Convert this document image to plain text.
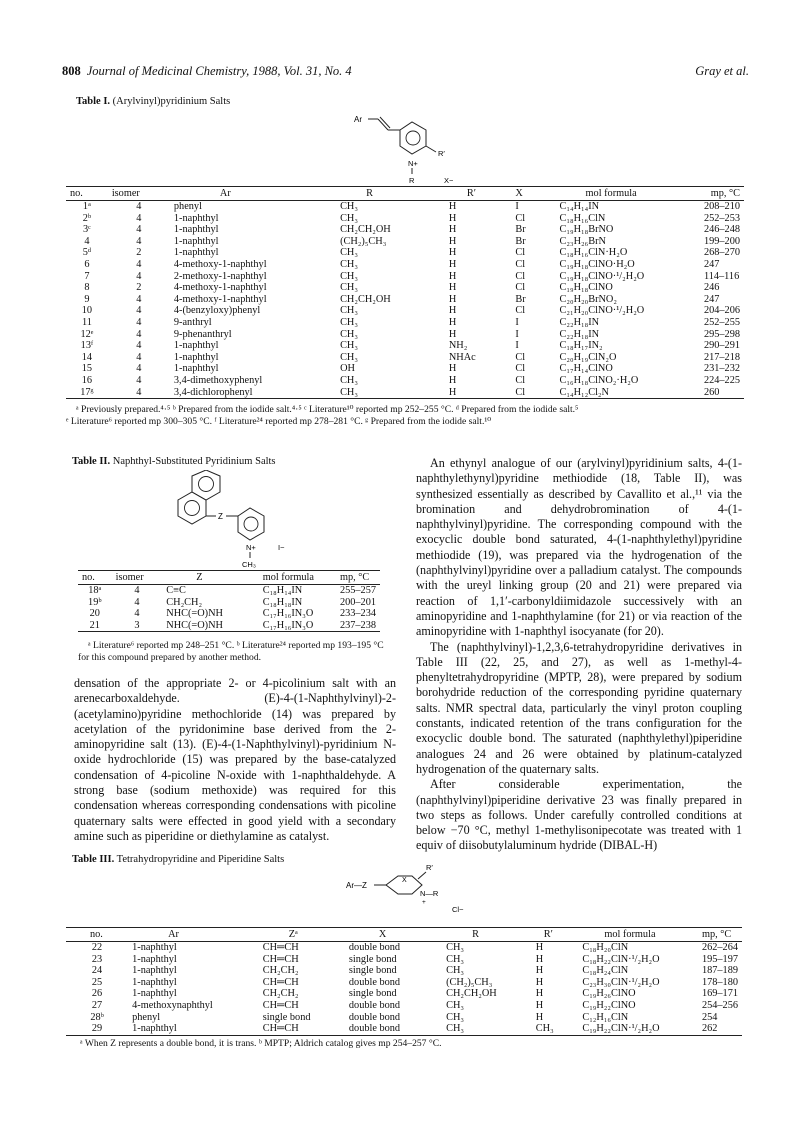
808 Journal of Medicinal Chemistry, 1988, Vol. 31, No. 4	Gray et al.
Table I. (Arylvinyl)pyridinium Salts
Ar
N+
R′
R	X−
no.	isomer	Ar	R	R′	X	mol formula	mp, °C
1ᵃ	4	phenyl	CH₃	H	I	C₁₄H₁₄IN	208–210
2ᵇ	4	1-naphthyl	CH₃	H	Cl	C₁₈H₁₆ClN	252–253
3ᶜ	4	1-naphthyl	CH₂CH₂OH	H	Br	C₁₉H₁₈BrNO	246–248
4	4	1-naphthyl	(CH₂)₅CH₃	H	Br	C₂₃H₂₆BrN	199–200
5ᵈ	2	1-naphthyl	CH₃	H	Cl	C₁₈H₁₆ClN·H₂O	268–270
6	4	4-methoxy-1-naphthyl	CH₃	H	Cl	C₁₉H₁₈ClNO·H₂O	247
7	4	2-methoxy-1-naphthyl	CH₃	H	Cl	C₁₉H₁₈ClNO·¹/₂H₂O	114–116
8	2	4-methoxy-1-naphthyl	CH₃	H	Cl	C₁₉H₁₈ClNO	246
9	4	4-methoxy-1-naphthyl	CH₂CH₂OH	H	Br	C₂₀H₂₀BrNO₂	247
10	4	4-(benzyloxy)phenyl	CH₃	H	Cl	C₂₁H₂₀ClNO·¹/₂H₂O	204–206
11	4	9-anthryl	CH₃	H	I	C₂₂H₁₈IN	252–255
12ᵉ	4	9-phenanthryl	CH₃	H	I	C₂₂H₁₈IN	295–298
13ᶠ	4	1-naphthyl	CH₃	NH₂	I	C₁₈H₁₇IN₂	290–291
14	4	1-naphthyl	CH₃	NHAc	Cl	C₂₀H₁₉ClN₂O	217–218
15	4	1-naphthyl	OH	H	Cl	C₁₇H₁₄ClNO	231–232
16	4	3,4-dimethoxyphenyl	CH₃	H	Cl	C₁₆H₁₈ClNO₂·H₂O	224–225
17ᵍ	4	3,4-dichlorophenyl	CH₃	H	Cl	C₁₄H₁₂Cl₂N	260
ᵃ Previously prepared.⁴·⁵ ᵇ Prepared from the iodide salt.⁴·⁵ ᶜ Literature¹⁰ reported mp 252–255 °C. ᵈ Prepared from the iodide salt.⁵
ᵉ Literature⁶ reported mp 300–305 °C. ᶠ Literature²⁴ reported mp 278–281 °C. ᵍ Prepared from the iodide salt.¹⁰
Table II. Naphthyl-Substituted Pyridinium Salts
Z
N+	I−
CH₃
no.	isomer	Z	mol formula	mp, °C
18ᵃ	4	C≡C	C₁₈H₁₄IN	255–257
19ᵇ	4	CH₂CH₂	C₁₈H₁₈IN	200–201
20	4	NHC(=O)NH	C₁₇H₁₆IN₃O	233–234
21	3	NHC(=O)NH	C₁₇H₁₆IN₃O	237–238
ᵃ Literature⁶ reported mp 248–251 °C. ᵇ Literature²⁴ reported mp 193–195 °C for this compound prepared by another method.

densation of the appropriate 2- or 4-picolinium salt with an arenecarboxaldehyde. (E)-4-(1-Naphthylvinyl)-2-(acetylamino)pyridine methochloride (14) was prepared by acetylation of the pyridonimine base derived from the 2-aminopyridine salt (13). (E)-4-(1-Naphthylvinyl)-pyridinium N-oxide hydrochloride (15) was prepared by the base-catalyzed condensation of 4-picoline N-oxide with 1-naphthaldehyde. A strong base (sodium methoxide) was required for this condensation whereas corresponding condensations with picoline quaternary salts were effected in good yield with a secondary amine such as piperidine or diethylamine as catalyst.

An ethynyl analogue of our (arylvinyl)pyridinium salts, 4-(1-naphthylethynyl)pyridine methiodide (18, Table II), was synthesized essentially as described by Cavallito et al.,¹¹ via the bromination and dehydrobromination of 4-(1-naphthylvinyl)pyridine. The corresponding compound with the exocyclic double bond saturated, 4-(1-naphthylethyl)pyridine methiodide (19), was prepared via the hydrogenation of the (naphthylvinyl)pyridine over a palladium catalyst. The compounds with the ureyl linking group (20 and 21) were prepared via reaction of 1,1′-carbonyldiimidazole successively with an aminopyridine and 1-naphthylamine (for 21) or via reaction of the aminopyridine with 1-naphthyl isocyanate (for 20).

The (naphthylvinyl)-1,2,3,6-tetrahydropyridine derivatives in Table III (22, 25, and 27), as well as 1-methyl-4-phenyltetrahydropyridine (MPTP, 28), were prepared by sodium borohydride reduction of the corresponding pyridine quaternary salts. NMR spectral data, particularly the vinyl proton coupling constants, indicated retention of the trans configuration for the exocyclic double bond. The saturated (naphthylethyl)piperidine analogues 24 and 26 were obtained by platinum-catalyzed hydrogenation of the quaternary salts.

After considerable experimentation, the (naphthylvinyl)piperidine derivative 23 was finally prepared in two steps as follows. Under carefully controlled conditions at below −70 °C, methyl 1-methylisonipecotate was treated with 1 equiv of diisobutylaluminum hydride (DIBAL-H)

Table III. Tetrahydropyridine and Piperidine Salts
Ar—Z
X
R′
N—R
+
Cl−
no.	Ar	Zᵃ	X	R	R′	mol formula	mp, °C
22	1-naphthyl	CH═CH	double bond	CH₃	H	C₁₈H₂₀ClN	262–264
23	1-naphthyl	CH═CH	single bond	CH₃	H	C₁₈H₂₂ClN·¹/₂H₂O	195–197
24	1-naphthyl	CH₂CH₂	single bond	CH₃	H	C₁₈H₂₄ClN	187–189
25	1-naphthyl	CH═CH	double bond	(CH₂)₅CH₃	H	C₂₃H₃₀ClN·¹/₂H₂O	178–180
26	1-naphthyl	CH₂CH₂	single bond	CH₂CH₂OH	H	C₁₉H₂₆ClNO	169–171
27	4-methoxynaphthyl	CH═CH	double bond	CH₃	H	C₁₉H₂₂ClNO	254–256
28ᵇ	phenyl	single bond	double bond	CH₃	H	C₁₂H₁₆ClN	254
29	1-naphthyl	CH═CH	double bond	CH₃	CH₃	C₁₉H₂₂ClN·¹/₂H₂O	262
ᵃ When Z represents a double bond, it is trans. ᵇ MPTP; Aldrich catalog gives mp 254–257 °C.
